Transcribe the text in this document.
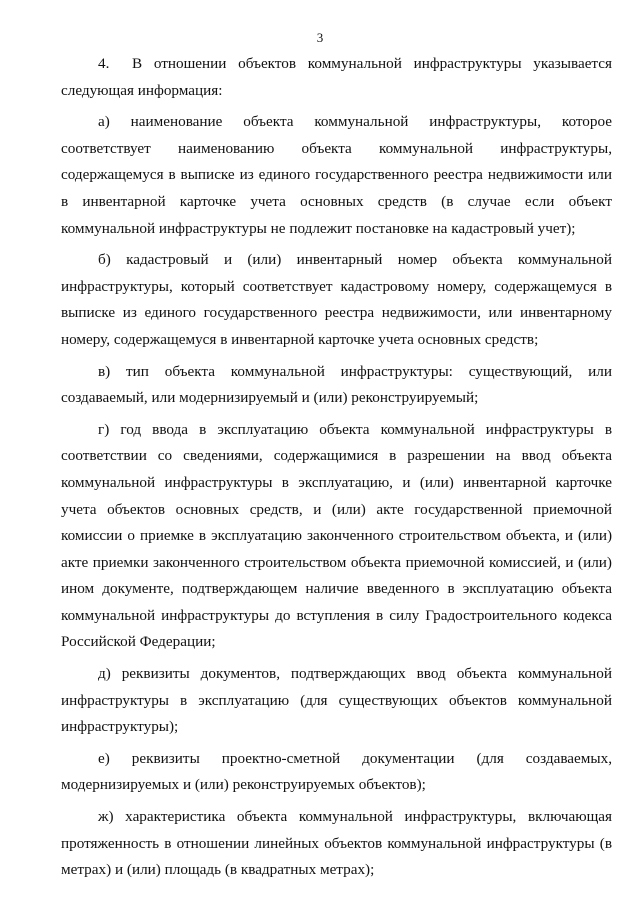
3

4. В отношении объектов коммунальной инфраструктуры указывается следующая информация:

а) наименование объекта коммунальной инфраструктуры, которое соответствует наименованию объекта коммунальной инфраструктуры, содержащемуся в выписке из единого государственного реестра недвижимости или в инвентарной карточке учета основных средств (в случае если объект коммунальной инфраструктуры не подлежит постановке на кадастровый учет);

б) кадастровый и (или) инвентарный номер объекта коммунальной инфраструктуры, который соответствует кадастровому номеру, содержащемуся в выписке из единого государственного реестра недвижимости, или инвентарному номеру, содержащемуся в инвентарной карточке учета основных средств;

в) тип объекта коммунальной инфраструктуры: существующий, или создаваемый, или модернизируемый и (или) реконструируемый;

г) год ввода в эксплуатацию объекта коммунальной инфраструктуры в соответствии со сведениями, содержащимися в разрешении на ввод объекта коммунальной инфраструктуры в эксплуатацию, и (или) инвентарной карточке учета объектов основных средств, и (или) акте государственной приемочной комиссии о приемке в эксплуатацию законченного строительством объекта, и (или) акте приемки законченного строительством объекта приемочной комиссией, и (или) ином документе, подтверждающем наличие введенного в эксплуатацию объекта коммунальной инфраструктуры до вступления в силу Градостроительного кодекса Российской Федерации;

д) реквизиты документов, подтверждающих ввод объекта коммунальной инфраструктуры в эксплуатацию (для существующих объектов коммунальной инфраструктуры);

е) реквизиты проектно-сметной документации (для создаваемых, модернизируемых и (или) реконструируемых объектов);

ж) характеристика объекта коммунальной инфраструктуры, включающая протяженность в отношении линейных объектов коммунальной инфраструктуры (в метрах) и (или) площадь (в квадратных метрах);
